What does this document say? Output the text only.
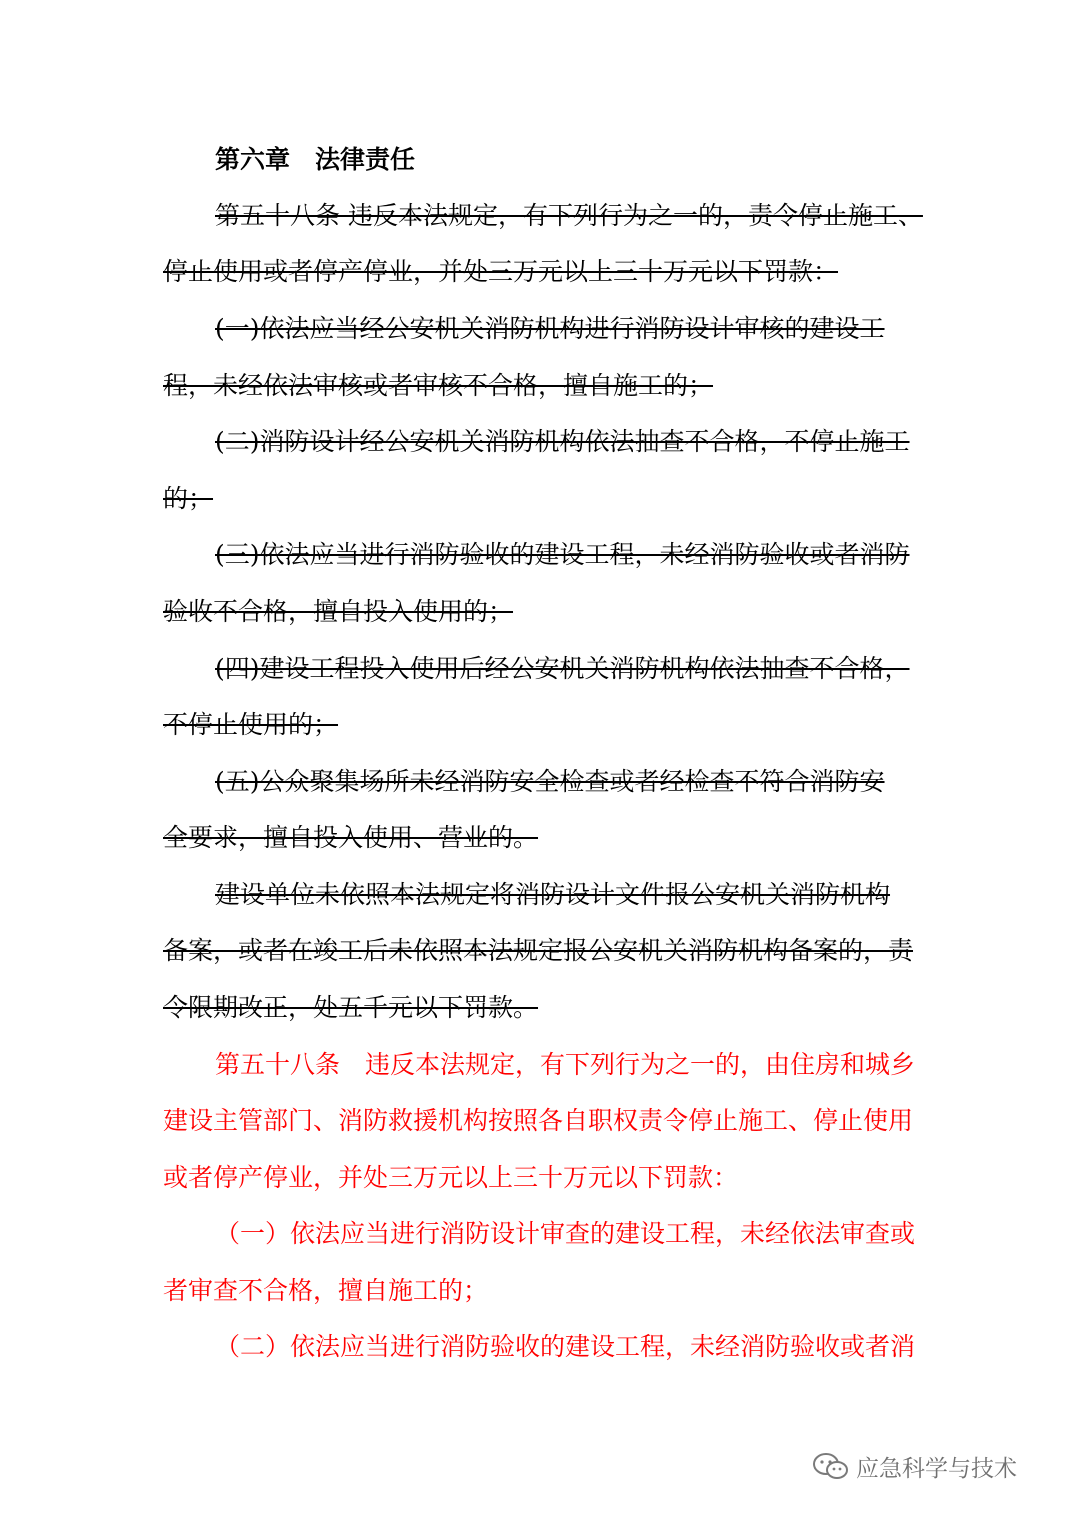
第六章　法律责任
第五十八条 违反本法规定，有下列行为之一的，责令停止施工、
停止使用或者停产停业，并处三万元以上三十万元以下罚款：
(一)依法应当经公安机关消防机构进行消防设计审核的建设工
程，未经依法审核或者审核不合格，擅自施工的；
(二)消防设计经公安机关消防机构依法抽查不合格，不停止施工
的；
(三)依法应当进行消防验收的建设工程，未经消防验收或者消防
验收不合格，擅自投入使用的；
(四)建设工程投入使用后经公安机关消防机构依法抽查不合格，
不停止使用的；
(五)公众聚集场所未经消防安全检查或者经检查不符合消防安
全要求，擅自投入使用、营业的。
建设单位未依照本法规定将消防设计文件报公安机关消防机构
备案，或者在竣工后未依照本法规定报公安机关消防机构备案的，责
令限期改正，处五千元以下罚款。
第五十八条　违反本法规定，有下列行为之一的，由住房和城乡
建设主管部门、消防救援机构按照各自职权责令停止施工、停止使用
或者停产停业，并处三万元以上三十万元以下罚款：
（一）依法应当进行消防设计审查的建设工程，未经依法审查或
者审查不合格，擅自施工的；
（二）依法应当进行消防验收的建设工程，未经消防验收或者消
应急科学与技术
